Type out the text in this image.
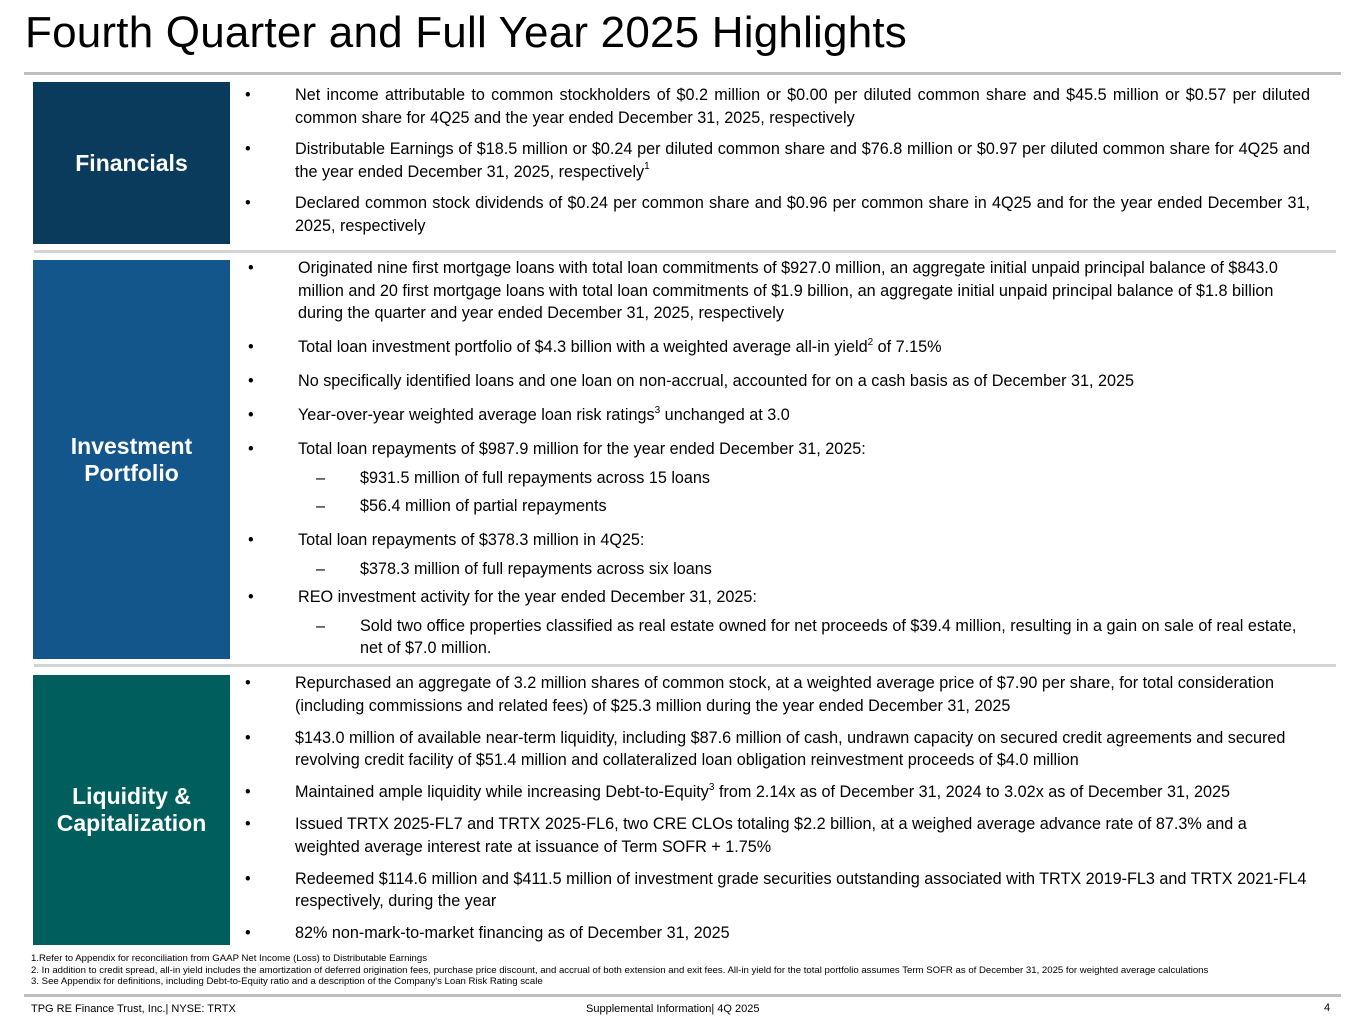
Fourth Quarter and Full Year 2025 Highlights
Financials
•	Net income attributable to common stockholders of $0.2 million or $0.00 per diluted common share and $45.5 million or $0.57 per diluted common share for 4Q25 and the year ended December 31, 2025, respectively
•	Distributable Earnings of $18.5 million or $0.24 per diluted common share and $76.8 million or $0.97 per diluted common share for 4Q25 and the year ended December 31, 2025, respectively$^1$
•	Declared common stock dividends of $0.24 per common share and $0.96 per common share in 4Q25 and for the year ended December 31, 2025, respectively
Investment
Portfolio
•	Originated nine first mortgage loans with total loan commitments of $927.0 million, an aggregate initial unpaid principal balance of $843.0 million and 20 first mortgage loans with total loan commitments of $1.9 billion, an aggregate initial unpaid principal balance of $1.8 billion during the quarter and year ended December 31, 2025, respectively
•	Total loan investment portfolio of $4.3 billion with a weighted average all-in yield$^2$ of 7.15%
•	No specifically identified loans and one loan on non-accrual, accounted for on a cash basis as of December 31, 2025
•	Year-over-year weighted average loan risk ratings$^3$ unchanged at 3.0
•	Total loan repayments of $987.9 million for the year ended December 31, 2025:
– $931.5 million of full repayments across 15 loans
– $56.4 million of partial repayments
•	Total loan repayments of $378.3 million in 4Q25:
– $378.3 million of full repayments across six loans
•	REO investment activity for the year ended December 31, 2025:
– Sold two office properties classified as real estate owned for net proceeds of $39.4 million, resulting in a gain on sale of real estate, net of $7.0 million.
Liquidity &
Capitalization
•	Repurchased an aggregate of 3.2 million shares of common stock, at a weighted average price of $7.90 per share, for total consideration (including commissions and related fees) of $25.3 million during the year ended December 31, 2025
•	$143.0 million of available near-term liquidity, including $87.6 million of cash, undrawn capacity on secured credit agreements and secured revolving credit facility of $51.4 million and collateralized loan obligation reinvestment proceeds of $4.0 million
•	Maintained ample liquidity while increasing Debt-to-Equity$^3$ from 2.14x as of December 31, 2024 to 3.02x as of December 31, 2025
•	Issued TRTX 2025-FL7 and TRTX 2025-FL6, two CRE CLOs totaling $2.2 billion, at a weighed average advance rate of 87.3% and a weighted average interest rate at issuance of Term SOFR + 1.75%
•	Redeemed $114.6 million and $411.5 million of investment grade securities outstanding associated with TRTX 2019-FL3 and TRTX 2021-FL4 respectively, during the year
•	82% non-mark-to-market financing as of December 31, 2025
1.Refer to Appendix for reconciliation from GAAP Net Income (Loss) to Distributable Earnings
2. In addition to credit spread, all-in yield includes the amortization of deferred origination fees, purchase price discount, and accrual of both extension and exit fees. All-in yield for the total portfolio assumes Term SOFR as of December 31, 2025 for weighted average calculations
3. See Appendix for definitions, including Debt-to-Equity ratio and a description of the Company's Loan Risk Rating scale
TPG RE Finance Trust, Inc.| NYSE: TRTX	Supplemental Information| 4Q 2025	4
